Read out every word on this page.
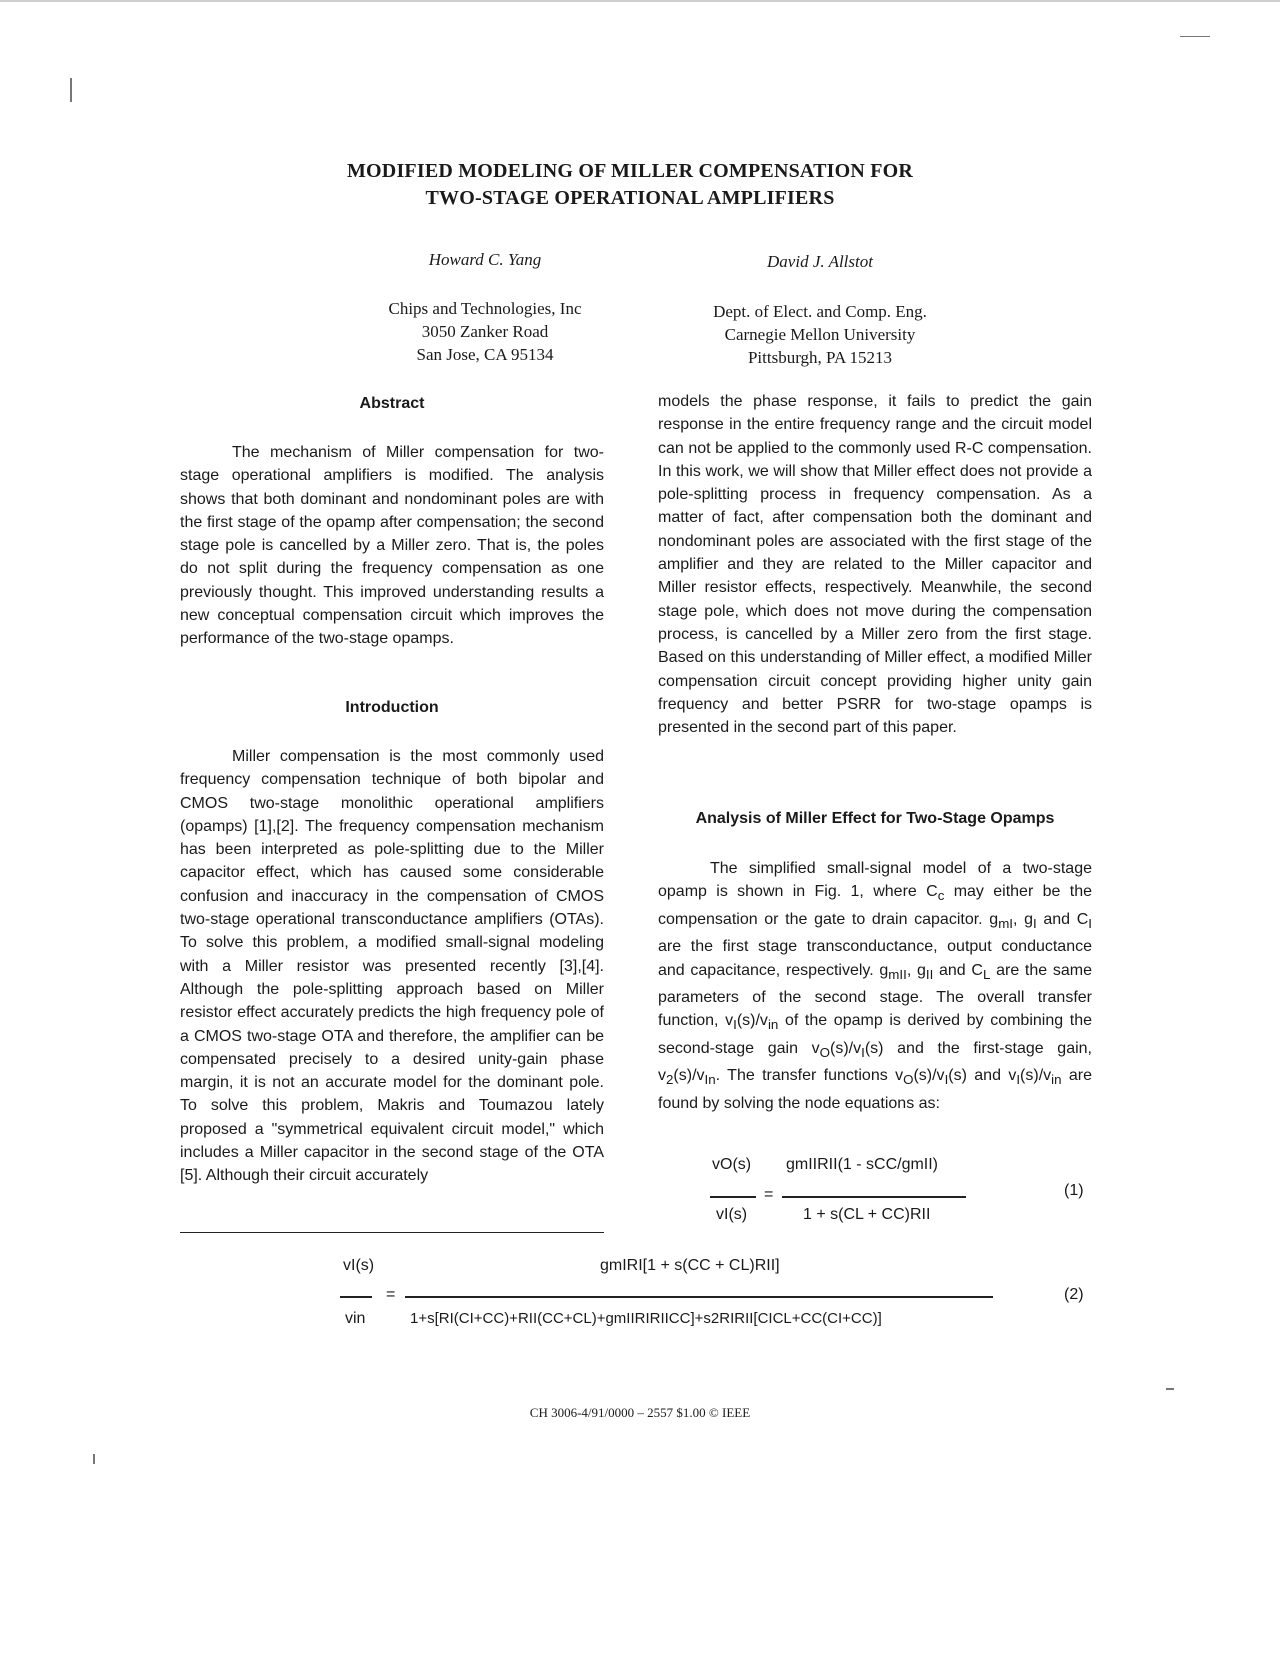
MODIFIED MODELING OF MILLER COMPENSATION FOR
TWO-STAGE OPERATIONAL AMPLIFIERS
Howard C. Yang	David J. Allstot
Chips and Technologies, Inc
3050 Zanker Road
San Jose, CA 95134
Dept. of Elect. and Comp. Eng.
Carnegie Mellon University
Pittsburgh, PA 15213
Abstract

The mechanism of Miller compensation for two-stage operational amplifiers is modified. The analysis shows that both dominant and nondominant poles are with the first stage of the opamp after compensation; the second stage pole is cancelled by a Miller zero. That is, the poles do not split during the frequency compensation as one previously thought. This improved understanding results a new conceptual compensation circuit which improves the performance of the two-stage opamps.

Introduction

Miller compensation is the most commonly used frequency compensation technique of both bipolar and CMOS two-stage monolithic operational amplifiers (opamps) [1],[2]. The frequency compensation mechanism has been interpreted as pole-splitting due to the Miller capacitor effect, which has caused some considerable confusion and inaccuracy in the compensation of CMOS two-stage operational transconductance amplifiers (OTAs). To solve this problem, a modified small-signal modeling with a Miller resistor was presented recently [3],[4]. Although the pole-splitting approach based on Miller resistor effect accurately predicts the high frequency pole of a CMOS two-stage OTA and therefore, the amplifier can be compensated precisely to a desired unity-gain phase margin, it is not an accurate model for the dominant pole. To solve this problem, Makris and Toumazou lately proposed a "symmetrical equivalent circuit model," which includes a Miller capacitor in the second stage of the OTA [5]. Although their circuit accurately

models the phase response, it fails to predict the gain response in the entire frequency range and the circuit model can not be applied to the commonly used R-C compensation. In this work, we will show that Miller effect does not provide a pole-splitting process in frequency compensation. As a matter of fact, after compensation both the dominant and nondominant poles are associated with the first stage of the amplifier and they are related to the Miller capacitor and Miller resistor effects, respectively. Meanwhile, the second stage pole, which does not move during the compensation process, is cancelled by a Miller zero from the first stage. Based on this understanding of Miller effect, a modified Miller compensation circuit concept providing higher unity gain frequency and better PSRR for two-stage opamps is presented in the second part of this paper.

Analysis of Miller Effect for Two-Stage Opamps

The simplified small-signal model of a two-stage opamp is shown in Fig. 1, where $C_c$ may either be the compensation or the gate to drain capacitor. $g_{mI}$, $g_I$ and $C_I$ are the first stage transconductance, output conductance and capacitance, respectively. $g_{mII}$, $g_{II}$ and $C_L$ are the same parameters of the second stage. The overall transfer function, $v_I(s)/v_{in}$ of the opamp is derived by combining the second-stage gain $v_O(s)/v_I(s)$ and the first-stage gain, $v_2(s)/v_{In}$. The transfer functions $v_O(s)/v_I(s)$ and $v_I(s)/v_{in}$ are found by solving the node equations as:

vO(s)
vI(s)
=
gmIIRII(1 - sCC/gmII)
1 + s(CL + CC)RII
(1)
vI(s)
vin
=
gmIRI[1 + s(CC + CL)RII]
1+s[RI(CI+CC)+RII(CC+CL)+gmIIRIRIICC]+s2RIRII[CICL+CC(CI+CC)]
(2)
CH 3006-4/91/0000 – 2557 $1.00 © IEEE
